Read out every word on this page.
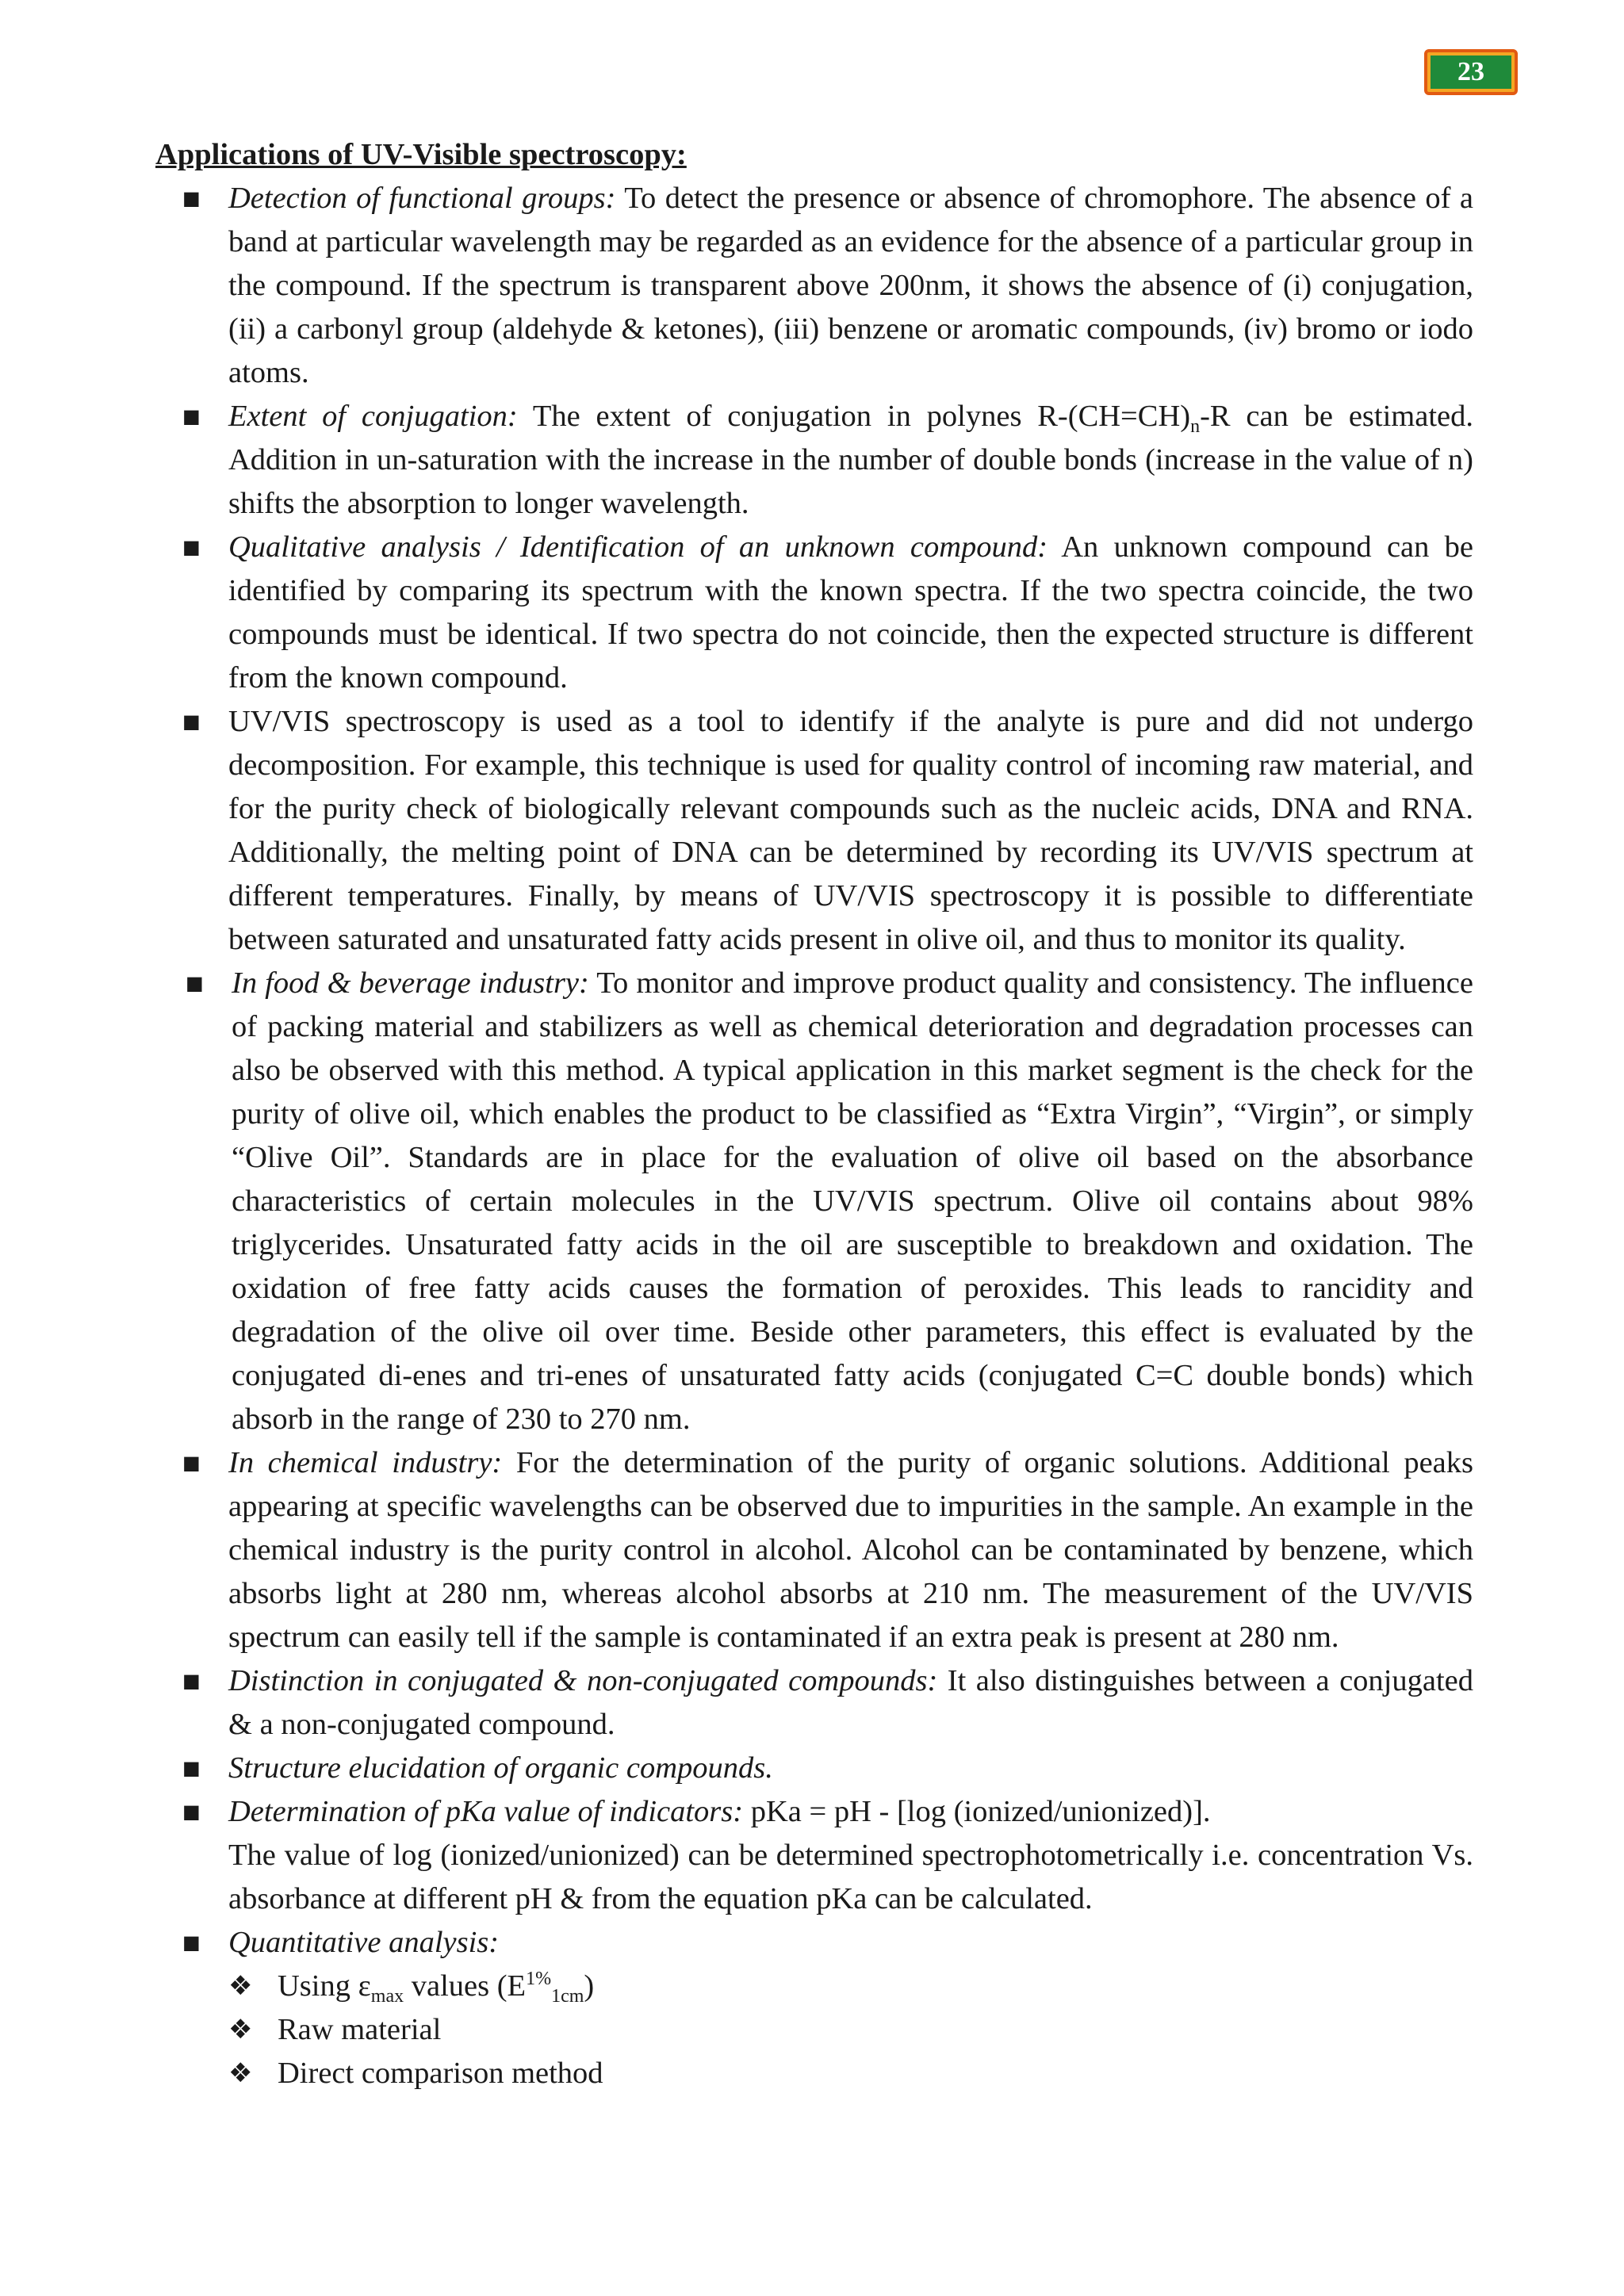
23

Applications of UV-Visible spectroscopy:

■ Detection of functional groups: To detect the presence or absence of chromophore. The absence of a band at particular wavelength may be regarded as an evidence for the absence of a particular group in the compound. If the spectrum is transparent above 200nm, it shows the absence of (i) conjugation, (ii) a carbonyl group (aldehyde & ketones), (iii) benzene or aromatic compounds, (iv) bromo or iodo atoms.
■ Extent of conjugation: The extent of conjugation in polynes $R-(CH=CH)_n-R$ can be estimated. Addition in un-saturation with the increase in the number of double bonds (increase in the value of n) shifts the absorption to longer wavelength.
■ Qualitative analysis / Identification of an unknown compound: An unknown compound can be identified by comparing its spectrum with the known spectra. If the two spectra coincide, the two compounds must be identical. If two spectra do not coincide, then the expected structure is different from the known compound.
■ UV/VIS spectroscopy is used as a tool to identify if the analyte is pure and did not undergo decomposition. For example, this technique is used for quality control of incoming raw material, and for the purity check of biologically relevant compounds such as the nucleic acids, DNA and RNA. Additionally, the melting point of DNA can be determined by recording its UV/VIS spectrum at different temperatures. Finally, by means of UV/VIS spectroscopy it is possible to differentiate between saturated and unsaturated fatty acids present in olive oil, and thus to monitor its quality.
■ In food & beverage industry: To monitor and improve product quality and consistency. The influence of packing material and stabilizers as well as chemical deterioration and degradation processes can also be observed with this method. A typical application in this market segment is the check for the purity of olive oil, which enables the product to be classified as “Extra Virgin”, “Virgin”, or simply “Olive Oil”. Standards are in place for the evaluation of olive oil based on the absorbance characteristics of certain molecules in the UV/VIS spectrum. Olive oil contains about 98% triglycerides. Unsaturated fatty acids in the oil are susceptible to breakdown and oxidation. The oxidation of free fatty acids causes the formation of peroxides. This leads to rancidity and degradation of the olive oil over time. Beside other parameters, this effect is evaluated by the conjugated di-enes and tri-enes of unsaturated fatty acids (conjugated C=C double bonds) which absorb in the range of 230 to 270 nm.
■ In chemical industry: For the determination of the purity of organic solutions. Additional peaks appearing at specific wavelengths can be observed due to impurities in the sample. An example in the chemical industry is the purity control in alcohol. Alcohol can be contaminated by benzene, which absorbs light at 280 nm, whereas alcohol absorbs at 210 nm. The measurement of the UV/VIS spectrum can easily tell if the sample is contaminated if an extra peak is present at 280 nm.
■ Distinction in conjugated & non-conjugated compounds: It also distinguishes between a conjugated & a non-conjugated compound.
■ Structure elucidation of organic compounds.
■ Determination of pKa value of indicators: pKa = pH - [log (ionized/unionized)].
The value of log (ionized/unionized) can be determined spectrophotometrically i.e. concentration Vs. absorbance at different pH & from the equation pKa can be calculated.
■ Quantitative analysis:
❖ Using $\varepsilon_{max}$ values $(E^{1\%}_{1cm})$
❖ Raw material
❖ Direct comparison method
